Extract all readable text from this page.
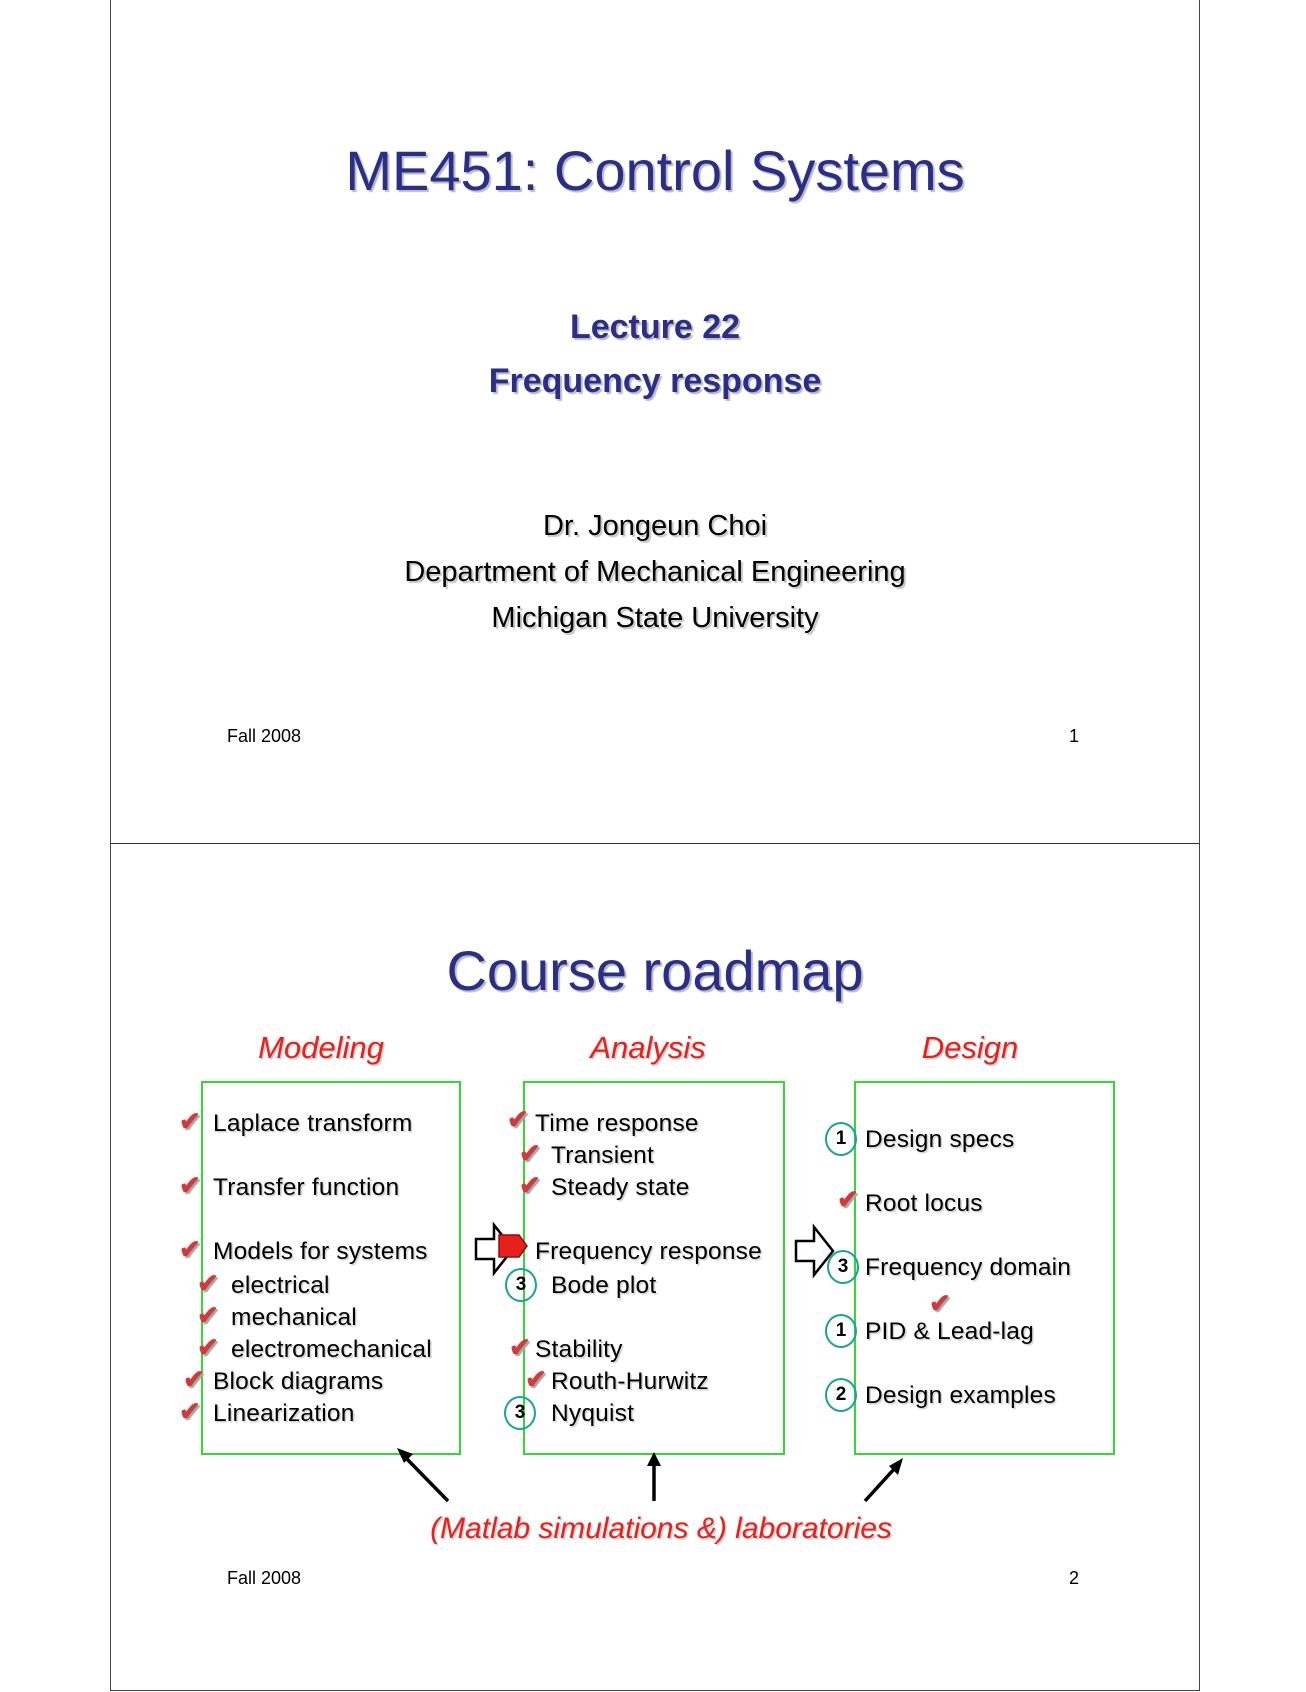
ME451: Control Systems
Lecture 22
Frequency response
Dr. Jongeun Choi
Department of Mechanical Engineering
Michigan State University
Fall 2008	1
Course roadmap
Modeling	Analysis	Design
✔ Laplace transform
✔ Transfer function
✔ Models for systems
✔ electrical
✔ mechanical
✔ electromechanical
✔ Block diagrams
✔ Linearization
✔ Time response
✔ Transient
✔ Steady state
Frequency response
3	Bode plot
✔ Stability
✔ Routh-Hurwitz
3	Nyquist
1 Design specs
✔ Root locus
3 Frequency domain
✔
1 PID & Lead-lag
2 Design examples
(Matlab simulations &) laboratories
Fall 2008	2
